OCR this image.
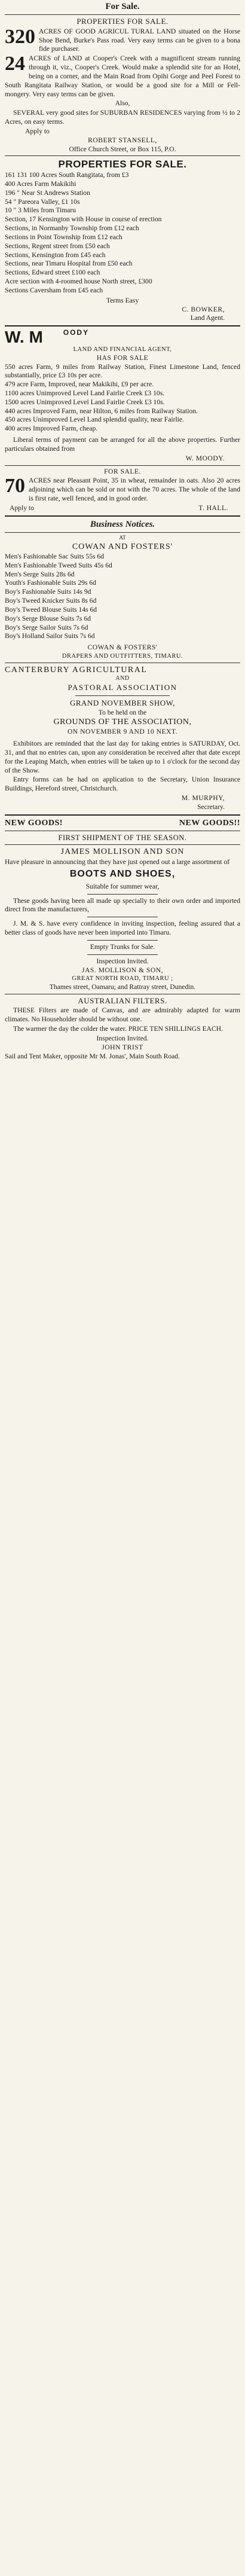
For Sale.
PROPERTIES FOR SALE.
320 ACRES OF GOOD AGRICUL TURAL LAND situated on the Horse Shoe Bend, Burke's Pass road. Very easy terms can be given to a bona fide purchaser.
24 ACRES of LAND at Cooper's Creek with a magnificent stream running through it, viz., Cooper's Creek. Would make a splendid site for an Hotel, being on a corner, and the Main Road from Opihi Gorge and Peel Forest to South Rangitata Railway Station, or would be a good site for a Mill or Fell-mongery. Very easy terms can be given.
Also,
SEVERAL very good sites for SUBURBAN RESIDENCES varying from ½ to 2 Acres, on easy terms.
Apply to
ROBERT STANSELL,
Office Church Street, or Box 115, P.O.
PROPERTIES FOR SALE.
161 131 100 Acres South Rangitata, from £3
400 Acres Farm Makikihi
196 " Near St Andrews Station
54 " Pareora Valley, £1 10s
10 " 3 Miles from Timaru
Section, 17 Kensington with House in course of erection
Sections, in Normanby Township from £12 each
Sections in Point Township from £12 each
Sections, Regent street from £50 each
Sections, Kensington from £45 each
Sections, near Timaru Hospital from £50 each
Sections, Edward street £100 each
Acre section with 4-roomed house North street, £300
Sections Caversham from £45 each
Terms Easy
C. BOWKER,
Land Agent.
W. M	$^{OODY}$
LAND AND FINANCIAL AGENT,
HAS FOR SALE
550 acres Farm, 9 miles from Railway Station, Finest Limestone Land, fenced substantially, price £3 10s per acre.
479 acre Farm, Improved, near Makikihi, £9 per acre.
1100 acres Unimproved Level Land Fairlie Creek £3 10s.
1500 acres Unimproved Level Land Fairlie Creek £3 10s.
440 acres Improved Farm, near Hilton, 6 miles from Railway Station.
450 acres Unimproved Level Land splendid quality, near Fairlie.
400 acres Improved Farm, cheap.
Liberal terms of payment can be arranged for all the above properties. Further particulars obtained from
W. MOODY.
FOR SALE.
70 ACRES near Pleasant Point, 35 in wheat, remainder in oats. Also 20 acres adjoining which can be sold or not with the 70 acres. The whole of the land is first rate, well fenced, and in good order.
Apply to	T. HALL.
Business Notices.
AT
COWAN AND FOSTERS'
Men's Fashionable Sac Suits 55s 6d
Men's Fashionable Tweed Suits 45s 6d
Men's Serge Suits 28s 6d
Youth's Fashionable Suits 29s 6d
Boy's Fashionable Suits 14s 9d
Boy's Tweed Knicker Suits 8s 6d
Boy's Tweed Blouse Suits 14s 6d
Boy's Serge Blouse Suits 7s 6d
Boy's Serge Sailor Suits 7s 6d
Boy's Holland Sailor Suits 7s 6d
COWAN & FOSTERS'
DRAPERS AND OUTFITTERS, TIMARU.
CANTERBURY AGRICULTURAL
AND
PASTORAL ASSOCIATION
GRAND NOVEMBER SHOW,
To be held on the
GROUNDS OF THE ASSOCIATION,
ON NOVEMBER 9 AND 10 NEXT.
Exhibitors are reminded that the last day for taking entries is SATURDAY, Oct. 31, and that no entries can, upon any consideration be received after that date except for the Leaping Match, when entries will be taken up to 1 o'clock for the second day of the Show.
Entry forms can be had on application to the Secretary, Union Insurance Buildings, Hereford street, Christchurch.
M. MURPHY,
Secretary.
NEW GOODS!	NEW GOODS!!
FIRST SHIPMENT OF THE SEASON.
JAMES MOLLISON AND SON
Have pleasure in announcing that they have just opened out a large assortment of
BOOTS AND SHOES,
Suitable for summer wear,
These goods having been all made up specially to their own order and imported direct from the manufacturers,
J. M. & S. have every confidence in inviting inspection, feeling assured that a better class of goods have never been imported into Timaru.
Empty Trunks for Sale.
Inspection Invited.
JAS. MOLLISON & SON,
GREAT NORTH ROAD, TIMARU ;
Thames street, Oamaru; and Rattray street, Dunedin.
AUSTRALIAN FILTERS.
THESE Filters are made of Canvas, and are admirably adapted for warm climates. No Householder should be without one.
The warmer the day the colder the water. PRICE TEN SHILLINGS EACH.
Inspection Invited.
JOHN TRIST
Sail and Tent Maker, opposite Mr M. Jonas', Main South Road.
